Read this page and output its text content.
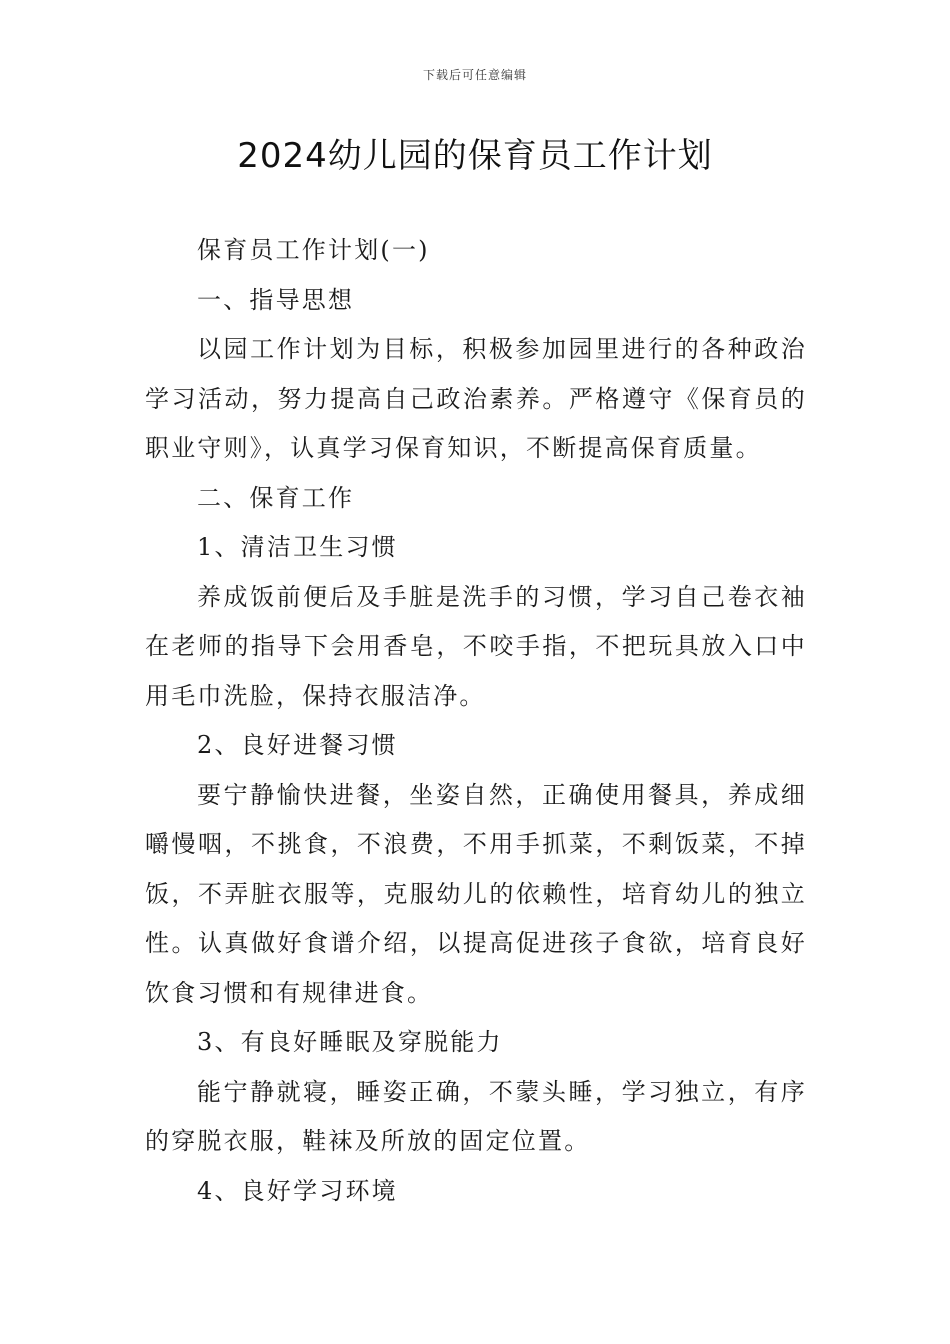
下载后可任意编辑
2024幼儿园的保育员工作计划

保育员工作计划(一)

一、指导思想

以园工作计划为目标，积极参加园里进行的各种政治学习活动，努力提高自己政治素养。严格遵守《保育员的职业守则》，认真学习保育知识，不断提高保育质量。

二、保育工作

1、清洁卫生习惯

养成饭前便后及手脏是洗手的习惯，学习自己卷衣袖在老师的指导下会用香皂，不咬手指，不把玩具放入口中用毛巾洗脸，保持衣服洁净。

2、良好进餐习惯

要宁静愉快进餐，坐姿自然，正确使用餐具，养成细嚼慢咽，不挑食，不浪费，不用手抓菜，不剩饭菜，不掉饭，不弄脏衣服等，克服幼儿的依赖性，培育幼儿的独立性。认真做好食谱介绍，以提高促进孩子食欲，培育良好饮食习惯和有规律进食。

3、有良好睡眠及穿脱能力

能宁静就寝，睡姿正确，不蒙头睡，学习独立，有序的穿脱衣服，鞋袜及所放的固定位置。

4、良好学习环境
